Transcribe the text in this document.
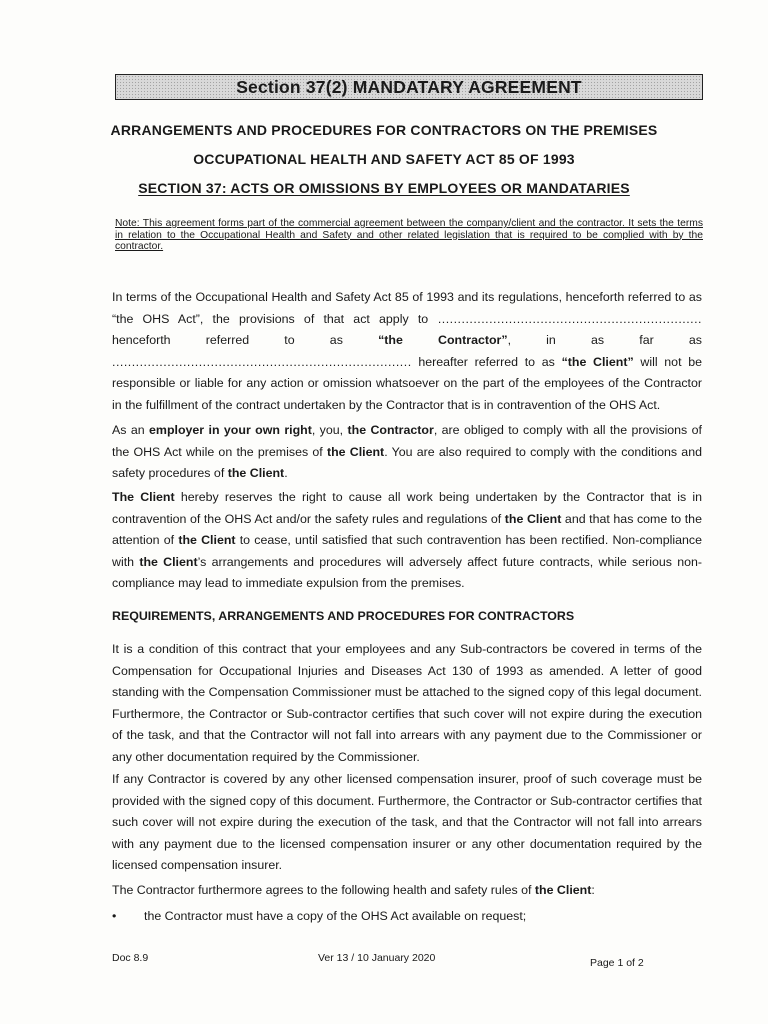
Section 37(2) MANDATARY AGREEMENT

ARRANGEMENTS AND PROCEDURES FOR CONTRACTORS ON THE PREMISES

OCCUPATIONAL HEALTH AND SAFETY ACT 85 OF 1993

SECTION 37: ACTS OR OMISSIONS BY EMPLOYEES OR MANDATARIES

Note: This agreement forms part of the commercial agreement between the company/client and the contractor. It sets the terms in relation to the Occupational Health and Safety and other related legislation that is required to be complied with by the contractor.

In terms of the Occupational Health and Safety Act 85 of 1993 and its regulations, henceforth referred to as “the OHS Act”, the provisions of that act apply to ................................................................... henceforth referred to as	“the Contractor”, in as far as ............................................................................ hereafter referred to as “the Client” will not be responsible or liable for any action or omission whatsoever on the part of the employees of the Contractor in the fulfillment of the contract undertaken by the Contractor that is in contravention of the OHS Act.

As an employer in your own right, you, the Contractor, are obliged to comply with all the provisions of the OHS Act while on the premises of the Client. You are also required to comply with the conditions and safety procedures of the Client.

The Client hereby reserves the right to cause all work being undertaken by the Contractor that is in contravention of the OHS Act and/or the safety rules and regulations of the Client and that has come to the attention of the Client to cease, until satisfied that such contravention has been rectified. Non-compliance with the Client’s arrangements and procedures will adversely affect future contracts, while serious non-compliance may lead to immediate expulsion from the premises.

REQUIREMENTS, ARRANGEMENTS AND PROCEDURES FOR CONTRACTORS

It is a condition of this contract that your employees and any Sub-contractors be covered in terms of the Compensation for Occupational Injuries and Diseases Act 130 of 1993 as amended. A letter of good standing with the Compensation Commissioner must be attached to the signed copy of this legal document. Furthermore, the Contractor or Sub-contractor certifies that such cover will not expire during the execution of the task, and that the Contractor will not fall into arrears with any payment due to the Commissioner or any other documentation required by the Commissioner.

If any Contractor is covered by any other licensed compensation insurer, proof of such coverage must be provided with the signed copy of this document. Furthermore, the Contractor or Sub-contractor certifies that such cover will not expire during the execution of the task, and that the Contractor will not fall into arrears with any payment due to the licensed compensation insurer or any other documentation required by the licensed compensation insurer.

The Contractor furthermore agrees to the following health and safety rules of the Client:

• the Contractor must have a copy of the OHS Act available on request;
Doc 8.9	Ver 13 / 10 January 2020	Page 1 of 2
